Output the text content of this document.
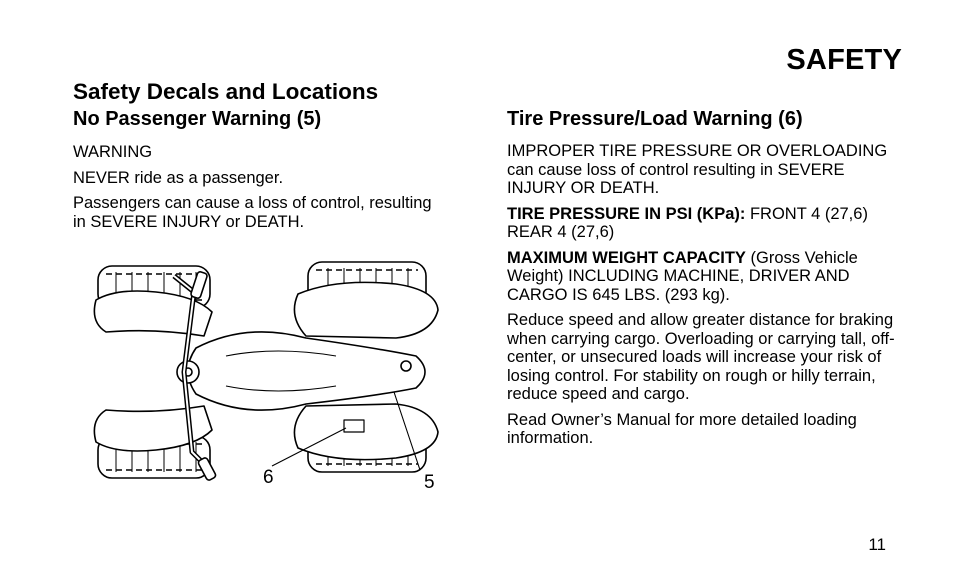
SAFETY
Safety Decals and Locations
No Passenger Warning (5)

WARNING

NEVER ride as a passenger.

Passengers can cause a loss of control, resulting in SEVERE INJURY or DEATH.

Tire Pressure/Load Warning (6)

IMPROPER TIRE PRESSURE OR OVERLOADING can cause loss of control resulting in SEVERE INJURY OR DEATH.

TIRE PRESSURE IN PSI (KPa): FRONT 4 (27,6) REAR 4 (27,6)

MAXIMUM WEIGHT CAPACITY (Gross Vehicle Weight) INCLUDING MACHINE, DRIVER AND CARGO IS 645 LBS. (293 kg).

Reduce speed and allow greater distance for braking when carrying cargo. Overloading or carrying tall, off-center, or unsecured loads will increase your risk of losing control. For stability on rough or hilly terrain, reduce speed and cargo.

Read Owner’s Manual for more detailed loading information.

6	5
11
